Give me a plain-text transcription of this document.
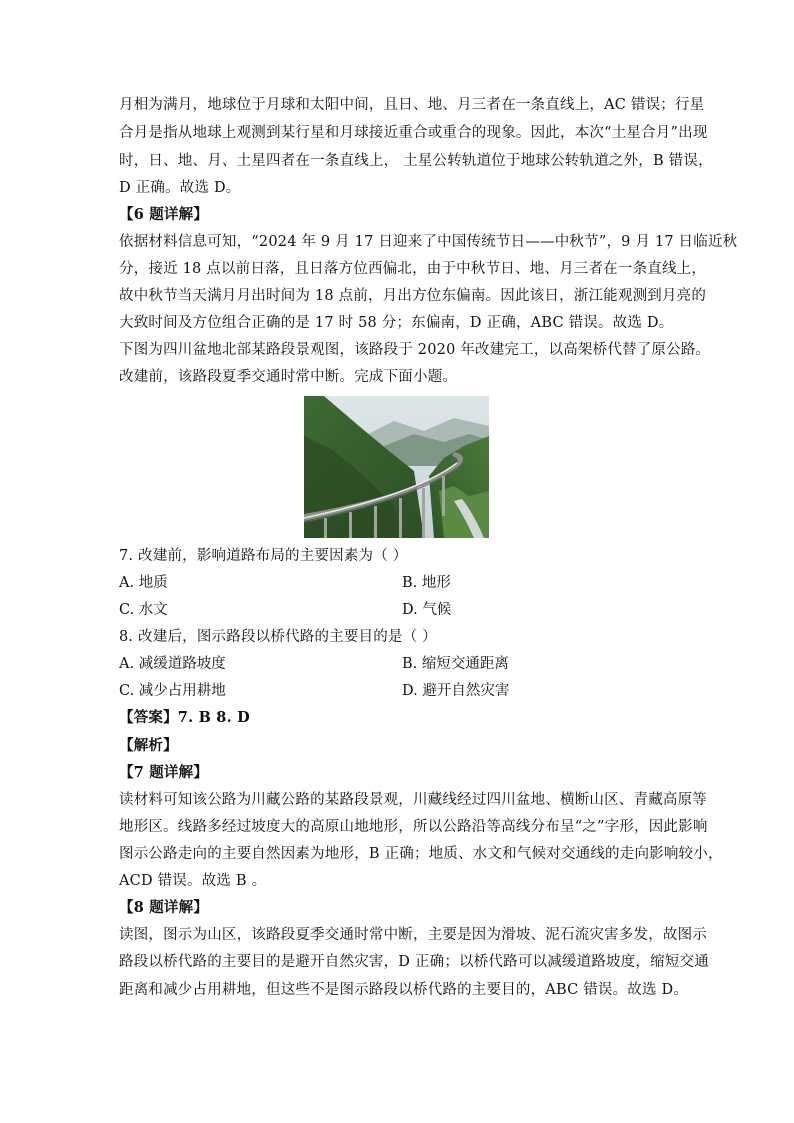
月相为满月，地球位于月球和太阳中间，且日、地、月三者在一条直线上，AC 错误；行星
合月是指从地球上观测到某行星和月球接近重合或重合的现象。因此，本次“土星合月”出现
时，日、地、月、土星四者在一条直线上， 土星公转轨道位于地球公转轨道之外，B 错误，
D 正确。故选 D。
【6 题详解】
依据材料信息可知，“2024 年 9 月 17 日迎来了中国传统节日——中秋节”，9 月 17 日临近秋
分，接近 18 点以前日落，且日落方位西偏北，由于中秋节日、地、月三者在一条直线上，
故中秋节当天满月月出时间为 18 点前，月出方位东偏南。因此该日，浙江能观测到月亮的
大致时间及方位组合正确的是 17 时 58 分；东偏南，D 正确，ABC 错误。故选 D。
下图为四川盆地北部某路段景观图，该路段于 2020 年改建完工，以高架桥代替了原公路。
改建前，该路段夏季交通时常中断。完成下面小题。
7. 改建前，影响道路布局的主要因素为（ ）
A. 地质	B. 地形
C. 水文	D. 气候
8. 改建后，图示路段以桥代路的主要目的是（ ）
A. 减缓道路坡度	B. 缩短交通距离
C. 减少占用耕地	D. 避开自然灾害
【答案】7. B 8. D
【解析】
【7 题详解】
读材料可知该公路为川藏公路的某路段景观，川藏线经过四川盆地、横断山区、青藏高原等
地形区。线路多经过坡度大的高原山地地形，所以公路沿等高线分布呈“之”字形，因此影响
图示公路走向的主要自然因素为地形，B 正确；地质、水文和气候对交通线的走向影响较小，
ACD 错误。故选 B 。
【8 题详解】
读图，图示为山区，该路段夏季交通时常中断，主要是因为滑坡、泥石流灾害多发，故图示
路段以桥代路的主要目的是避开自然灾害，D 正确；以桥代路可以减缓道路坡度，缩短交通
距离和减少占用耕地，但这些不是图示路段以桥代路的主要目的，ABC 错误。故选 D。
